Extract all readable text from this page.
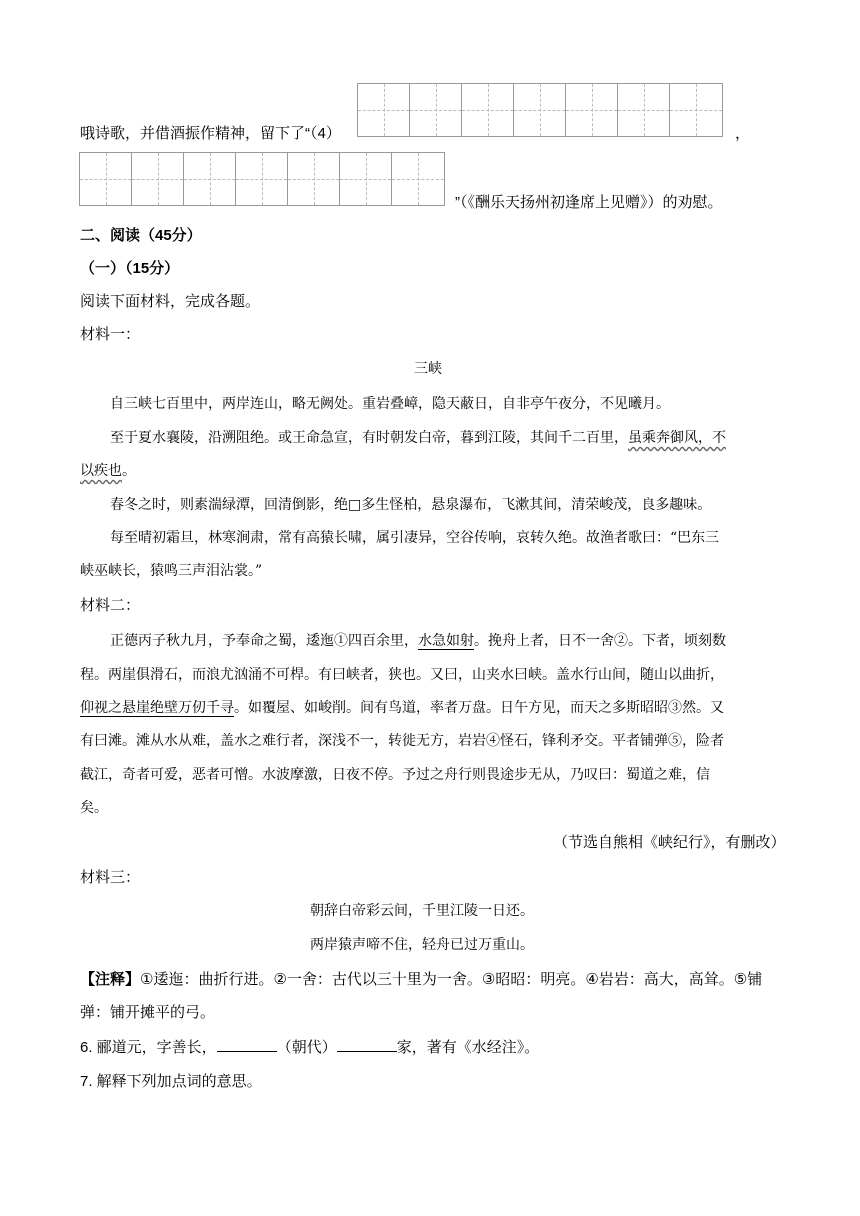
哦诗歌，并借酒振作精神，留下了“（4）	，
”（《酬乐天扬州初逢席上见赠》）的劝慰。
二、阅读（45分）
（一）（15分）
阅读下面材料，完成各题。
材料一：
三峡
自三峡七百里中，两岸连山，略无阙处。重岩叠嶂，隐天蔽日，自非亭午夜分，不见曦月。
至于夏水襄陵，沿溯阻绝。或王命急宣，有时朝发白帝，暮到江陵，其间千二百里，虽乘奔御风，不
以疾也。
春冬之时，则素湍绿潭，回清倒影，绝□多生怪柏，悬泉瀑布，飞漱其间，清荣峻茂，良多趣味。
每至晴初霜旦，林寒涧肃，常有高猿长啸，属引凄异，空谷传响，哀转久绝。故渔者歌曰：“巴东三
峡巫峡长，猿鸣三声泪沾裳。”
材料二：
正德丙子秋九月，予奉命之蜀，逶迤①四百余里，水急如射。挽舟上者，日不一舍②。下者，顷刻数
程。两崖俱滑石，而浪尤汹涌不可桿。有曰峡者，狭也。又曰，山夹水曰峡。盖水行山间，随山以曲折，
仰视之悬崖绝壁万仞千寻。如覆屋、如峻削。间有鸟道，率者万盘。日午方见，而天之多斯昭昭③然。又
有曰滩。滩从水从难，盖水之难行者，深浅不一，转徙无方，岩岩④怪石，锋利矛交。平者铺弹⑤，险者
截江，奇者可爱，恶者可憎。水波摩激，日夜不停。予过之舟行则畏途步无从，乃叹曰：蜀道之难，信
矣。
（节选自熊相《峡纪行》，有删改）
材料三：
朝辞白帝彩云间，千里江陵一日还。
两岸猿声啼不住，轻舟已过万重山。
【注释】①逶迤：曲折行进。②一舍：古代以三十里为一舍。③昭昭：明亮。④岩岩：高大，高耸。⑤铺
弹：铺开摊平的弓。
6. 郦道元，字善长，	（朝代）	家，著有《水经注》。
7. 解释下列加点词的意思。
